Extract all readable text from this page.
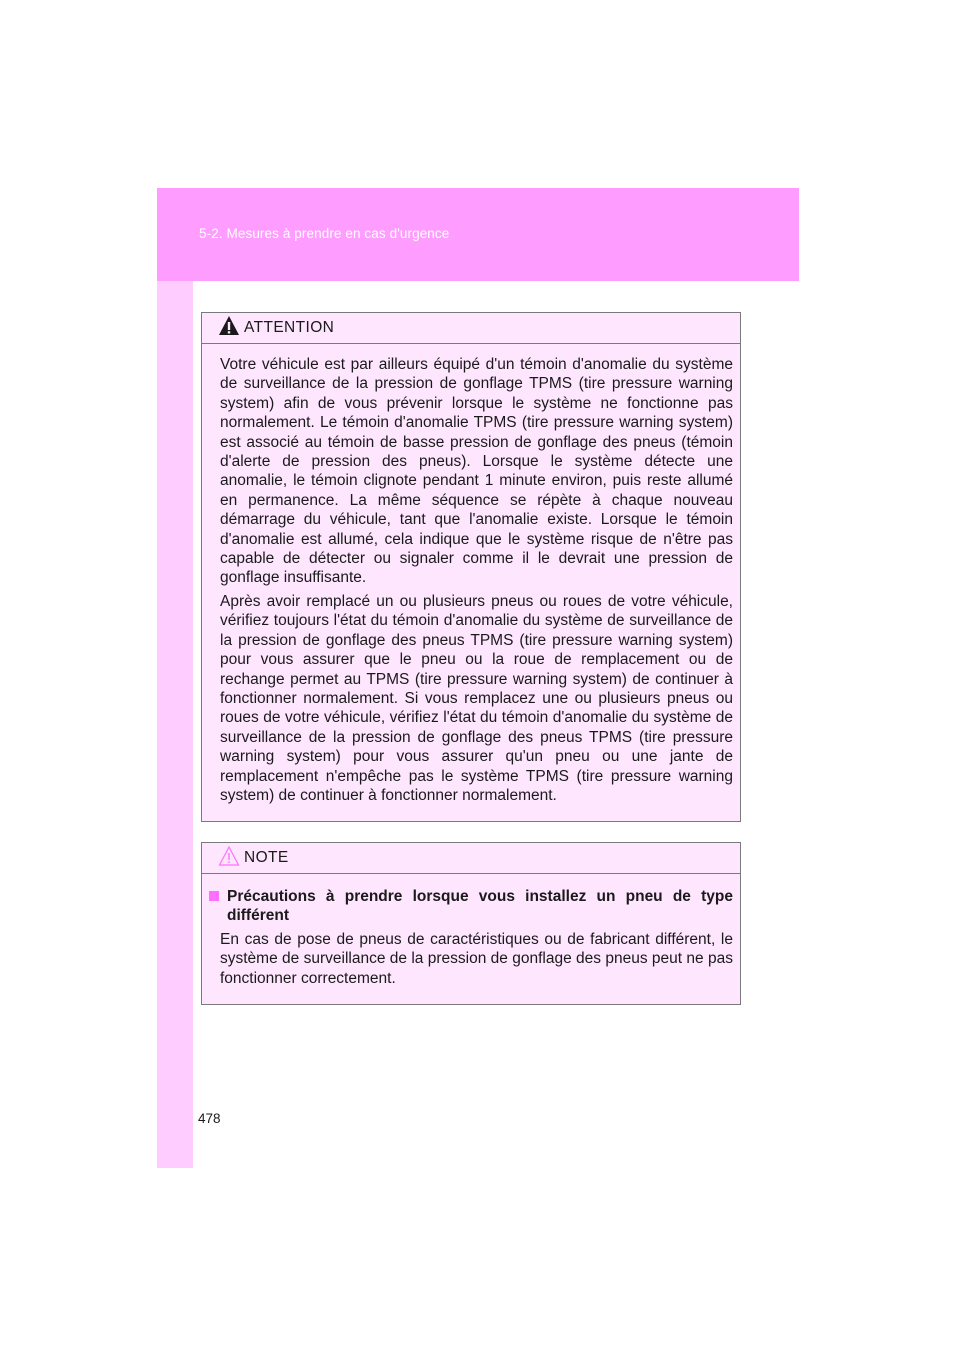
5-2. Mesures à prendre en cas d'urgence
ATTENTION

Votre véhicule est par ailleurs équipé d'un témoin d'anomalie du système de surveillance de la pression de gonflage TPMS (tire pressure warning system) afin de vous prévenir lorsque le système ne fonctionne pas normalement. Le témoin d'anomalie TPMS (tire pressure warning system) est associé au témoin de basse pression de gonflage des pneus (témoin d'alerte de pression des pneus). Lorsque le système détecte une anomalie, le témoin clignote pendant 1 minute environ, puis reste allumé en permanence. La même séquence se répète à chaque nouveau démarrage du véhicule, tant que l'anomalie existe. Lorsque le témoin d'anomalie est allumé, cela indique que le système risque de n'être pas capable de détecter ou signaler comme il le devrait une pression de gonflage insuffisante.

Après avoir remplacé un ou plusieurs pneus ou roues de votre véhicule, vérifiez toujours l'état du témoin d'anomalie du système de surveillance de la pression de gonflage des pneus TPMS (tire pressure warning system) pour vous assurer que le pneu ou la roue de remplacement ou de rechange permet au TPMS (tire pressure warning system) de continuer à fonctionner normalement. Si vous remplacez une ou plusieurs pneus ou roues de votre véhicule, vérifiez l'état du témoin d'anomalie du système de surveillance de la pression de gonflage des pneus TPMS (tire pressure warning system) pour vous assurer qu'un pneu ou une jante de remplacement n'empêche pas le système TPMS (tire pressure warning system) de continuer à fonctionner normalement.

NOTE
Précautions à prendre lorsque vous installez un pneu de type différent
En cas de pose de pneus de caractéristiques ou de fabricant différent, le système de surveillance de la pression de gonflage des pneus peut ne pas fonctionner correctement.
478
